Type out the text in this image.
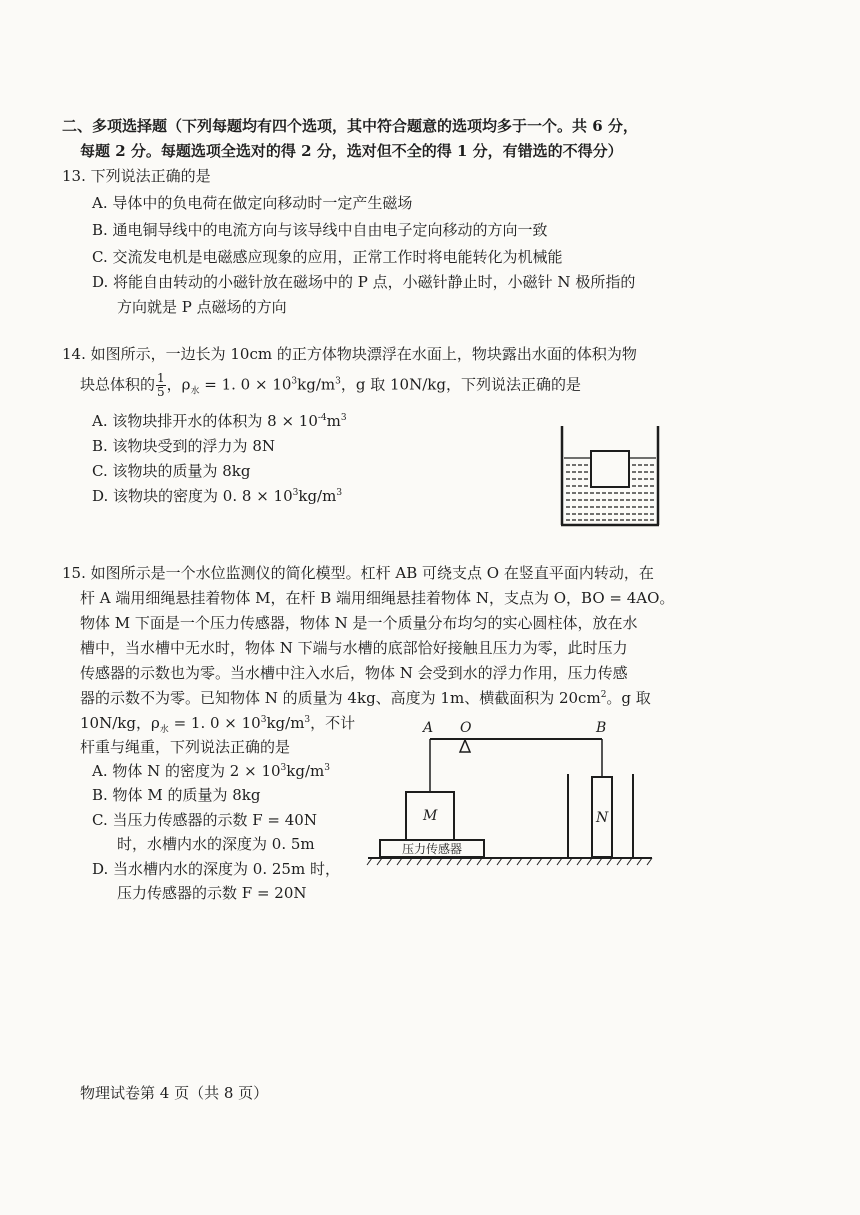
二、多项选择题（下列每题均有四个选项，其中符合题意的选项均多于一个。共 6 分，
每题 2 分。每题选项全选对的得 2 分，选对但不全的得 1 分，有错选的不得分）
13. 下列说法正确的是
A. 导体中的负电荷在做定向移动时一定产生磁场
B. 通电铜导线中的电流方向与该导线中自由电子定向移动的方向一致
C. 交流发电机是电磁感应现象的应用，正常工作时将电能转化为机械能
D. 将能自由转动的小磁针放在磁场中的 P 点，小磁针静止时，小磁针 N 极所指的
方向就是 P 点磁场的方向
14. 如图所示，一边长为 10cm 的正方体物块漂浮在水面上，物块露出水面的体积为物
块总体积的 $\frac{1}{5}$ ，$\rho_水 = 1$. $0 \times 10^3kg/m^3$，g 取 10N/kg，下列说法正确的是
A. 该物块排开水的体积为 $8 \times 10^{-4}m^3$
B. 该物块受到的浮力为 8N
C. 该物块的质量为 8kg
D. 该物块的密度为 0. $8 \times 10^3kg/m^3$
15. 如图所示是一个水位监测仪的简化模型。杠杆 AB 可绕支点 O 在竖直平面内转动，在
杆 A 端用细绳悬挂着物体 M，在杆 B 端用细绳悬挂着物体 N，支点为 O，BO = 4AO。
物体 M 下面是一个压力传感器，物体 N 是一个质量分布均匀的实心圆柱体，放在水
槽中，当水槽中无水时，物体 N 下端与水槽的底部恰好接触且压力为零，此时压力
传感器的示数也为零。当水槽中注入水后，物体 N 会受到水的浮力作用，压力传感
器的示数不为零。已知物体 N 的质量为 4kg、高度为 1m、横截面积为 $20cm^2$。g 取
10N/kg，$\rho_水 = 1$. $0 \times 10^3kg/m^3$，不计
杆重与绳重，下列说法正确的是
A. 物体 N 的密度为 $2 \times 10^3kg/m^3$
B. 物体 M 的质量为 8kg
C. 当压力传感器的示数 F = 40N
时，水槽内水的深度为 0. 5m
D. 当水槽内水的深度为 0. 25m 时，
压力传感器的示数 F = 20N
A O	B
M	N
压力传感器
物理试卷第 4 页（共 8 页）
